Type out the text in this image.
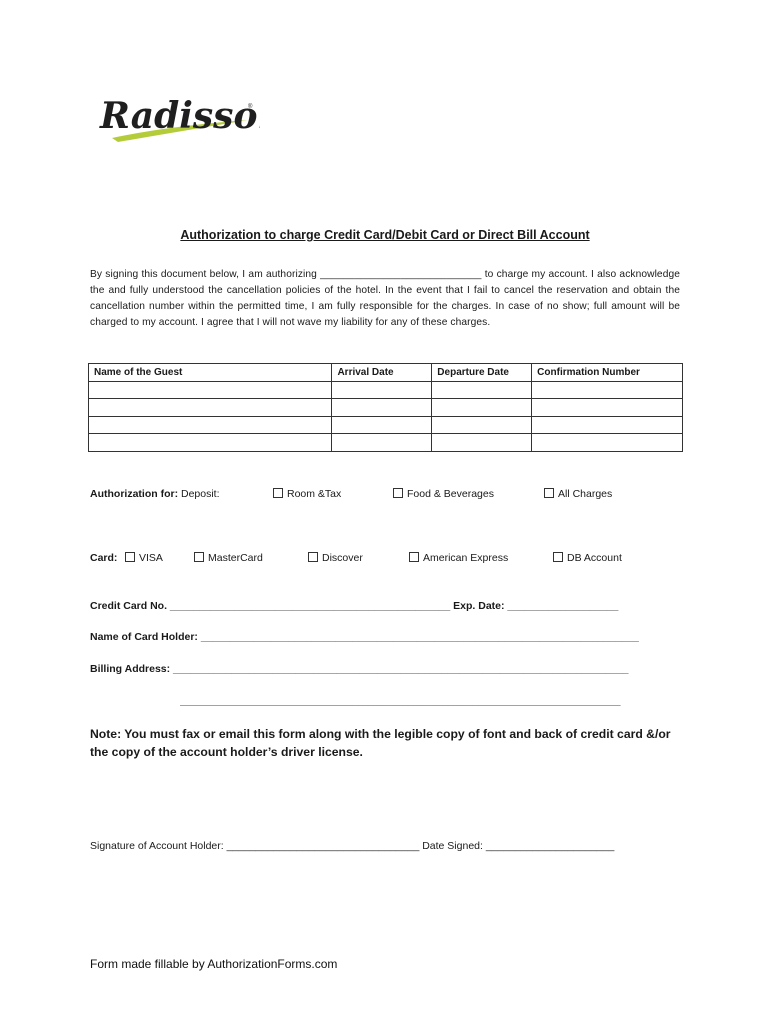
Radisso
®
Authorization to charge Credit Card/Debit Card or Direct Bill Account
By signing this document below, I am authorizing ____________________________ to charge my account. I also acknowledge the and fully understood the cancellation policies of the hotel. In the event that I fail to cancel the reservation and obtain the cancellation number within the permitted time, I am fully responsible for the charges. In case of no show; full amount will be charged to my account. I agree that I will not wave my liability for any of these charges.
Name of the Guest	Arrival Date	Departure Date	Confirmation Number

Authorization for: Deposit:	Room &Tax	Food & Beverages	All Charges
Card:	VISA	MasterCard	Discover	American Express	DB Account
Credit Card No. ________________________________________________ Exp. Date: ___________________
Name of Card Holder: ___________________________________________________________________________
Billing Address: ______________________________________________________________________________
________________________________________________________________________________________
Note: You must fax or email this form along with the legible copy of font and back of credit card &/or the copy of the account holder’s driver license.
Signature of Account Holder: _________________________________ Date Signed: ______________________
Form made fillable by AuthorizationForms.com
